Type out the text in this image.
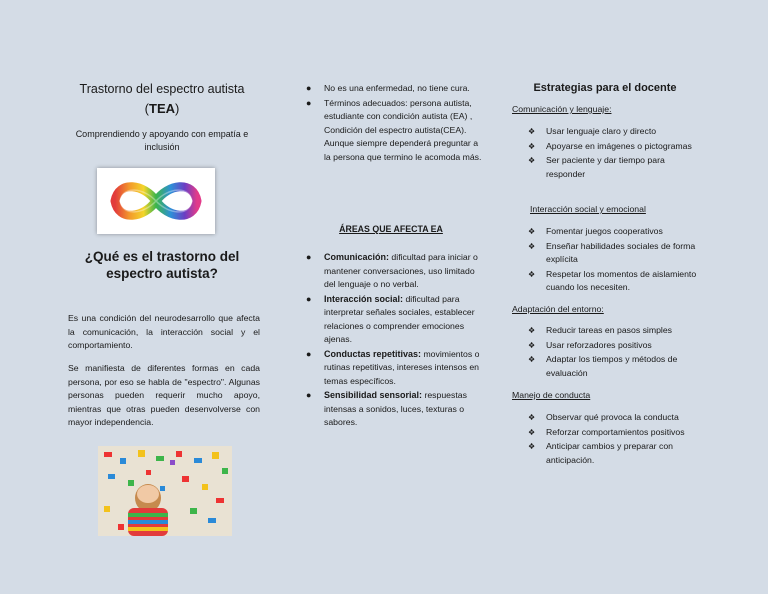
Trastorno del espectro autista
(TEA)
Comprendiendo y apoyando con empatía e inclusión
¿Qué es el trastorno del espectro autista?
Es una condición del neurodesarrollo que afecta la comunicación, la interacción social y el comportamiento.
Se manifiesta de diferentes formas en cada persona, por eso se habla de "espectro". Algunas personas pueden requerir mucho apoyo, mientras que otras pueden desenvolverse con mayor independencia.
● No es una enfermedad, no tiene cura.
● Términos adecuados: persona autista, estudiante con condición autista (EA) , Condición del espectro autista(CEA). Aunque siempre dependerá preguntar a la persona que termino le acomoda más.
ÁREAS QUE AFECTA EA
● Comunicación: dificultad para iniciar o mantener conversaciones, uso limitado del lenguaje o no verbal.
● Interacción social: dificultad para interpretar señales sociales, establecer relaciones o comprender emociones ajenas.
● Conductas repetitivas: movimientos o rutinas repetitivas, intereses intensos en temas específicos.
● Sensibilidad sensorial: respuestas intensas a sonidos, luces, texturas o sabores.
Estrategias para el docente
Comunicación y lenguaje:
❖ Usar lenguaje claro y directo
❖ Apoyarse en imágenes o pictogramas
❖ Ser paciente y dar tiempo para responder
Interacción social y emocional
❖ Fomentar juegos cooperativos
❖ Enseñar habilidades sociales de forma explícita
❖ Respetar los momentos de aislamiento cuando los necesiten.
Adaptación del entorno:
❖ Reducir tareas en pasos simples
❖ Usar reforzadores positivos
❖ Adaptar los tiempos y métodos de evaluación
Manejo de conducta
❖ Observar qué provoca la conducta
❖ Reforzar comportamientos positivos
❖ Anticipar cambios y preparar con anticipación.
